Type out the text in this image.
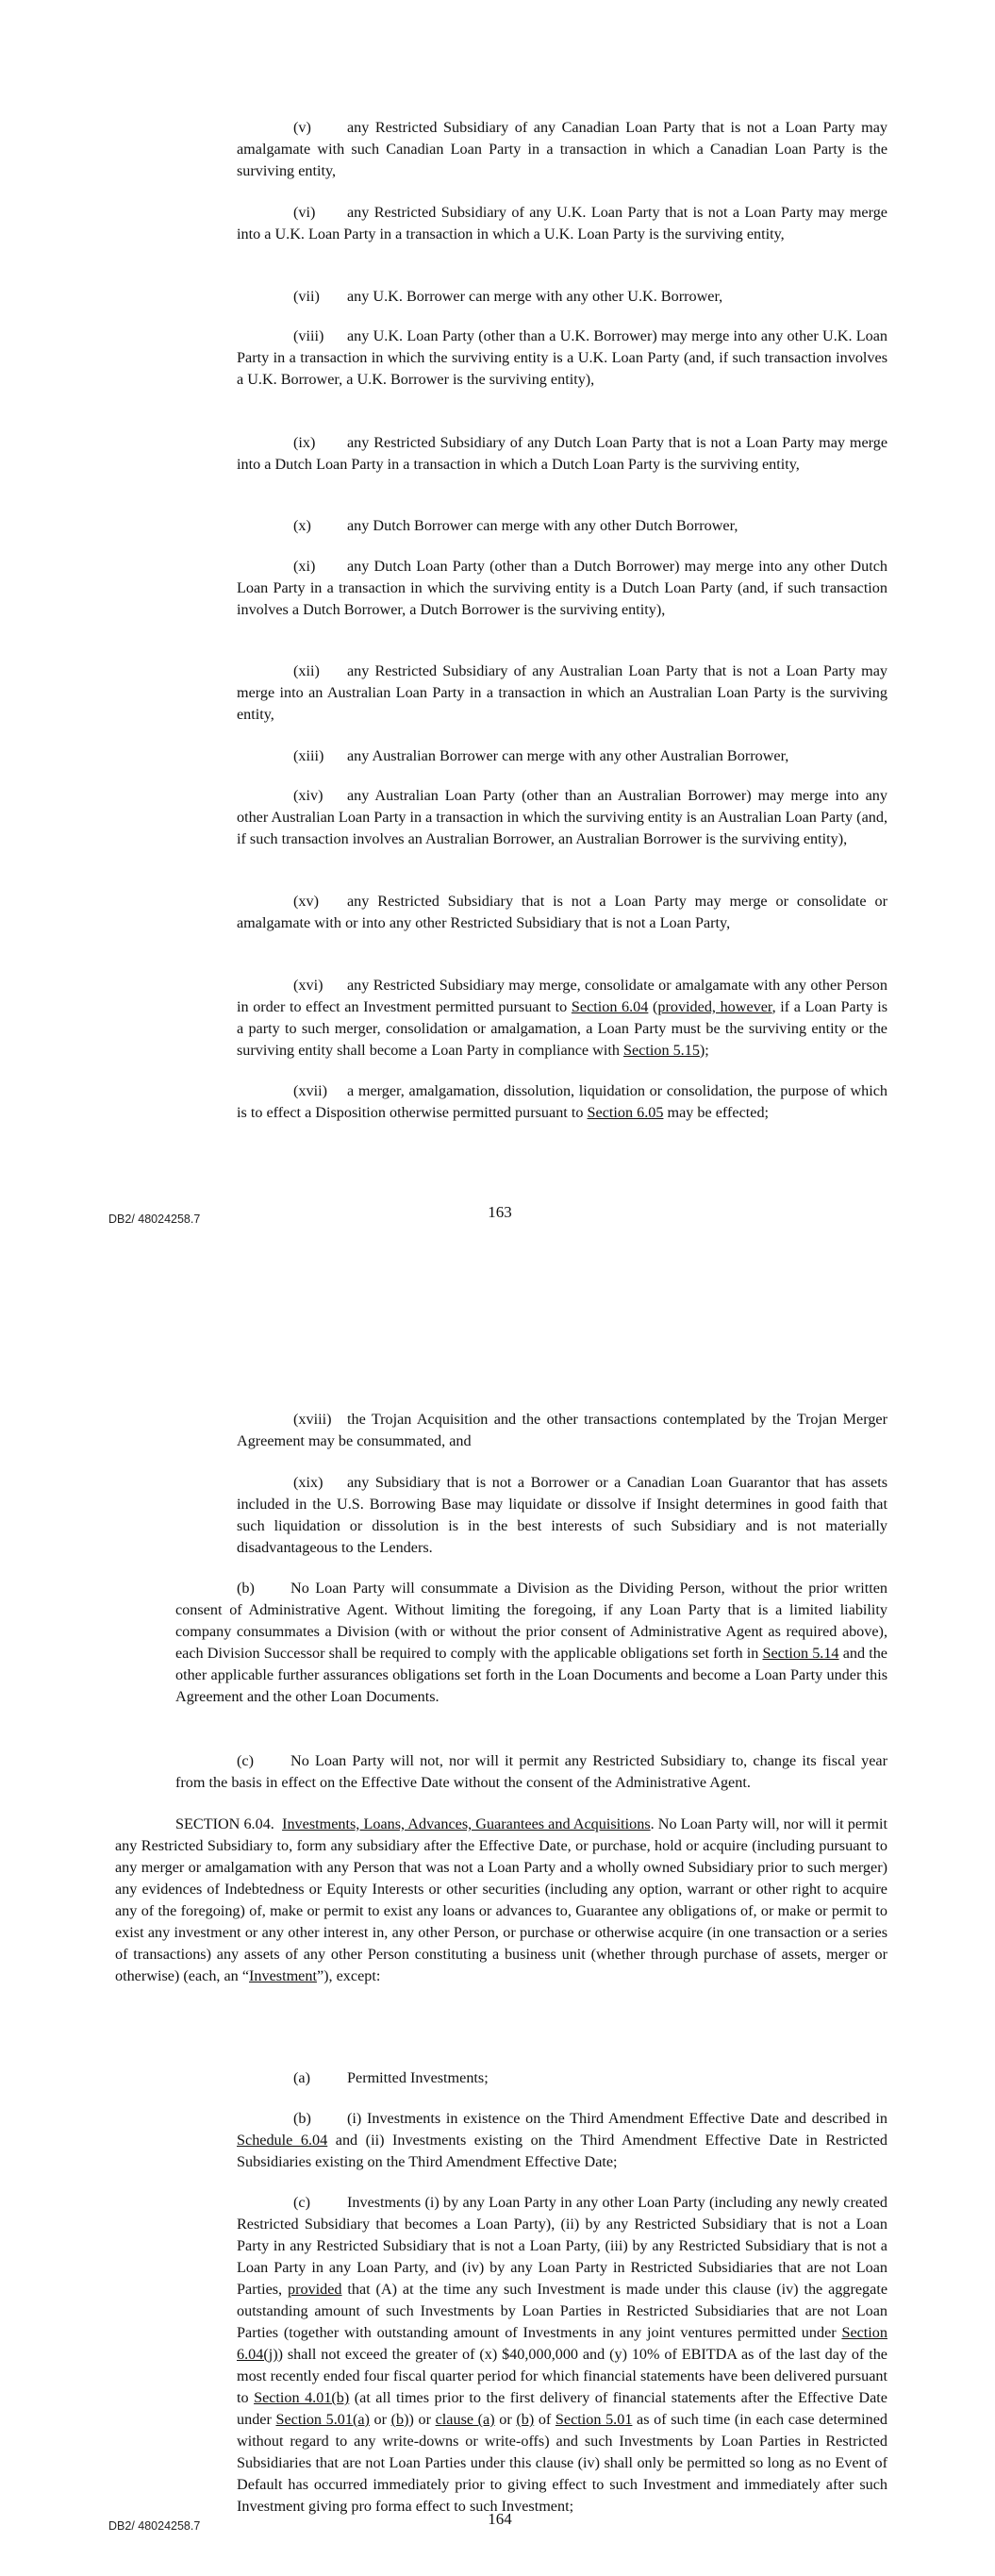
(v) any Restricted Subsidiary of any Canadian Loan Party that is not a Loan Party may amalgamate with such Canadian Loan Party in a transaction in which a Canadian Loan Party is the surviving entity,

(vi) any Restricted Subsidiary of any U.K. Loan Party that is not a Loan Party may merge into a U.K. Loan Party in a transaction in which a U.K. Loan Party is the surviving entity,

(vii) any U.K. Borrower can merge with any other U.K. Borrower,

(viii) any U.K. Loan Party (other than a U.K. Borrower) may merge into any other U.K. Loan Party in a transaction in which the surviving entity is a U.K. Loan Party (and, if such transaction involves a U.K. Borrower, a U.K. Borrower is the surviving entity),

(ix) any Restricted Subsidiary of any Dutch Loan Party that is not a Loan Party may merge into a Dutch Loan Party in a transaction in which a Dutch Loan Party is the surviving entity,

(x) any Dutch Borrower can merge with any other Dutch Borrower,

(xi) any Dutch Loan Party (other than a Dutch Borrower) may merge into any other Dutch Loan Party in a transaction in which the surviving entity is a Dutch Loan Party (and, if such transaction involves a Dutch Borrower, a Dutch Borrower is the surviving entity),

(xii) any Restricted Subsidiary of any Australian Loan Party that is not a Loan Party may merge into an Australian Loan Party in a transaction in which an Australian Loan Party is the surviving entity,

(xiii) any Australian Borrower can merge with any other Australian Borrower,

(xiv) any Australian Loan Party (other than an Australian Borrower) may merge into any other Australian Loan Party in a transaction in which the surviving entity is an Australian Loan Party (and, if such transaction involves an Australian Borrower, an Australian Borrower is the surviving entity),

(xv) any Restricted Subsidiary that is not a Loan Party may merge or consolidate or amalgamate with or into any other Restricted Subsidiary that is not a Loan Party,

(xvi) any Restricted Subsidiary may merge, consolidate or amalgamate with any other Person in order to effect an Investment permitted pursuant to Section 6.04 (provided, however, if a Loan Party is a party to such merger, consolidation or amalgamation, a Loan Party must be the surviving entity or the surviving entity shall become a Loan Party in compliance with Section 5.15);

(xvii) a merger, amalgamation, dissolution, liquidation or consolidation, the purpose of which is to effect a Disposition otherwise permitted pursuant to Section 6.05 may be effected;

DB2/ 48024258.7	163

(xviii) the Trojan Acquisition and the other transactions contemplated by the Trojan Merger Agreement may be consummated, and

(xix) any Subsidiary that is not a Borrower or a Canadian Loan Guarantor that has assets included in the U.S. Borrowing Base may liquidate or dissolve if Insight determines in good faith that such liquidation or dissolution is in the best interests of such Subsidiary and is not materially disadvantageous to the Lenders.

(b) No Loan Party will consummate a Division as the Dividing Person, without the prior written consent of Administrative Agent. Without limiting the foregoing, if any Loan Party that is a limited liability company consummates a Division (with or without the prior consent of Administrative Agent as required above), each Division Successor shall be required to comply with the applicable obligations set forth in Section 5.14 and the other applicable further assurances obligations set forth in the Loan Documents and become a Loan Party under this Agreement and the other Loan Documents.

(c) No Loan Party will not, nor will it permit any Restricted Subsidiary to, change its fiscal year from the basis in effect on the Effective Date without the consent of the Administrative Agent.

SECTION 6.04. Investments, Loans, Advances, Guarantees and Acquisitions. No Loan Party will, nor will it permit any Restricted Subsidiary to, form any subsidiary after the Effective Date, or purchase, hold or acquire (including pursuant to any merger or amalgamation with any Person that was not a Loan Party and a wholly owned Subsidiary prior to such merger) any evidences of Indebtedness or Equity Interests or other securities (including any option, warrant or other right to acquire any of the foregoing) of, make or permit to exist any loans or advances to, Guarantee any obligations of, or make or permit to exist any investment or any other interest in, any other Person, or purchase or otherwise acquire (in one transaction or a series of transactions) any assets of any other Person constituting a business unit (whether through purchase of assets, merger or otherwise) (each, an “Investment”), except:

(a) Permitted Investments;

(b) (i) Investments in existence on the Third Amendment Effective Date and described in Schedule 6.04 and (ii) Investments existing on the Third Amendment Effective Date in Restricted Subsidiaries existing on the Third Amendment Effective Date;

(c) Investments (i) by any Loan Party in any other Loan Party (including any newly created Restricted Subsidiary that becomes a Loan Party), (ii) by any Restricted Subsidiary that is not a Loan Party in any Restricted Subsidiary that is not a Loan Party, (iii) by any Restricted Subsidiary that is not a Loan Party in any Loan Party, and (iv) by any Loan Party in Restricted Subsidiaries that are not Loan Parties, provided that (A) at the time any such Investment is made under this clause (iv) the aggregate outstanding amount of such Investments by Loan Parties in Restricted Subsidiaries that are not Loan Parties (together with outstanding amount of Investments in any joint ventures permitted under Section 6.04(j)) shall not exceed the greater of (x) $40,000,000 and (y) 10% of EBITDA as of the last day of the most recently ended four fiscal quarter period for which financial statements have been delivered pursuant to Section 4.01(b) (at all times prior to the first delivery of financial statements after the Effective Date under Section 5.01(a) or (b)) or clause (a) or (b) of Section 5.01 as of such time (in each case determined without regard to any write-downs or write-offs) and such Investments by Loan Parties in Restricted Subsidiaries that are not Loan Parties under this clause (iv) shall only be permitted so long as no Event of Default has occurred immediately prior to giving effect to such Investment and immediately after such Investment giving pro forma effect to such Investment;

DB2/ 48024258.7	164
